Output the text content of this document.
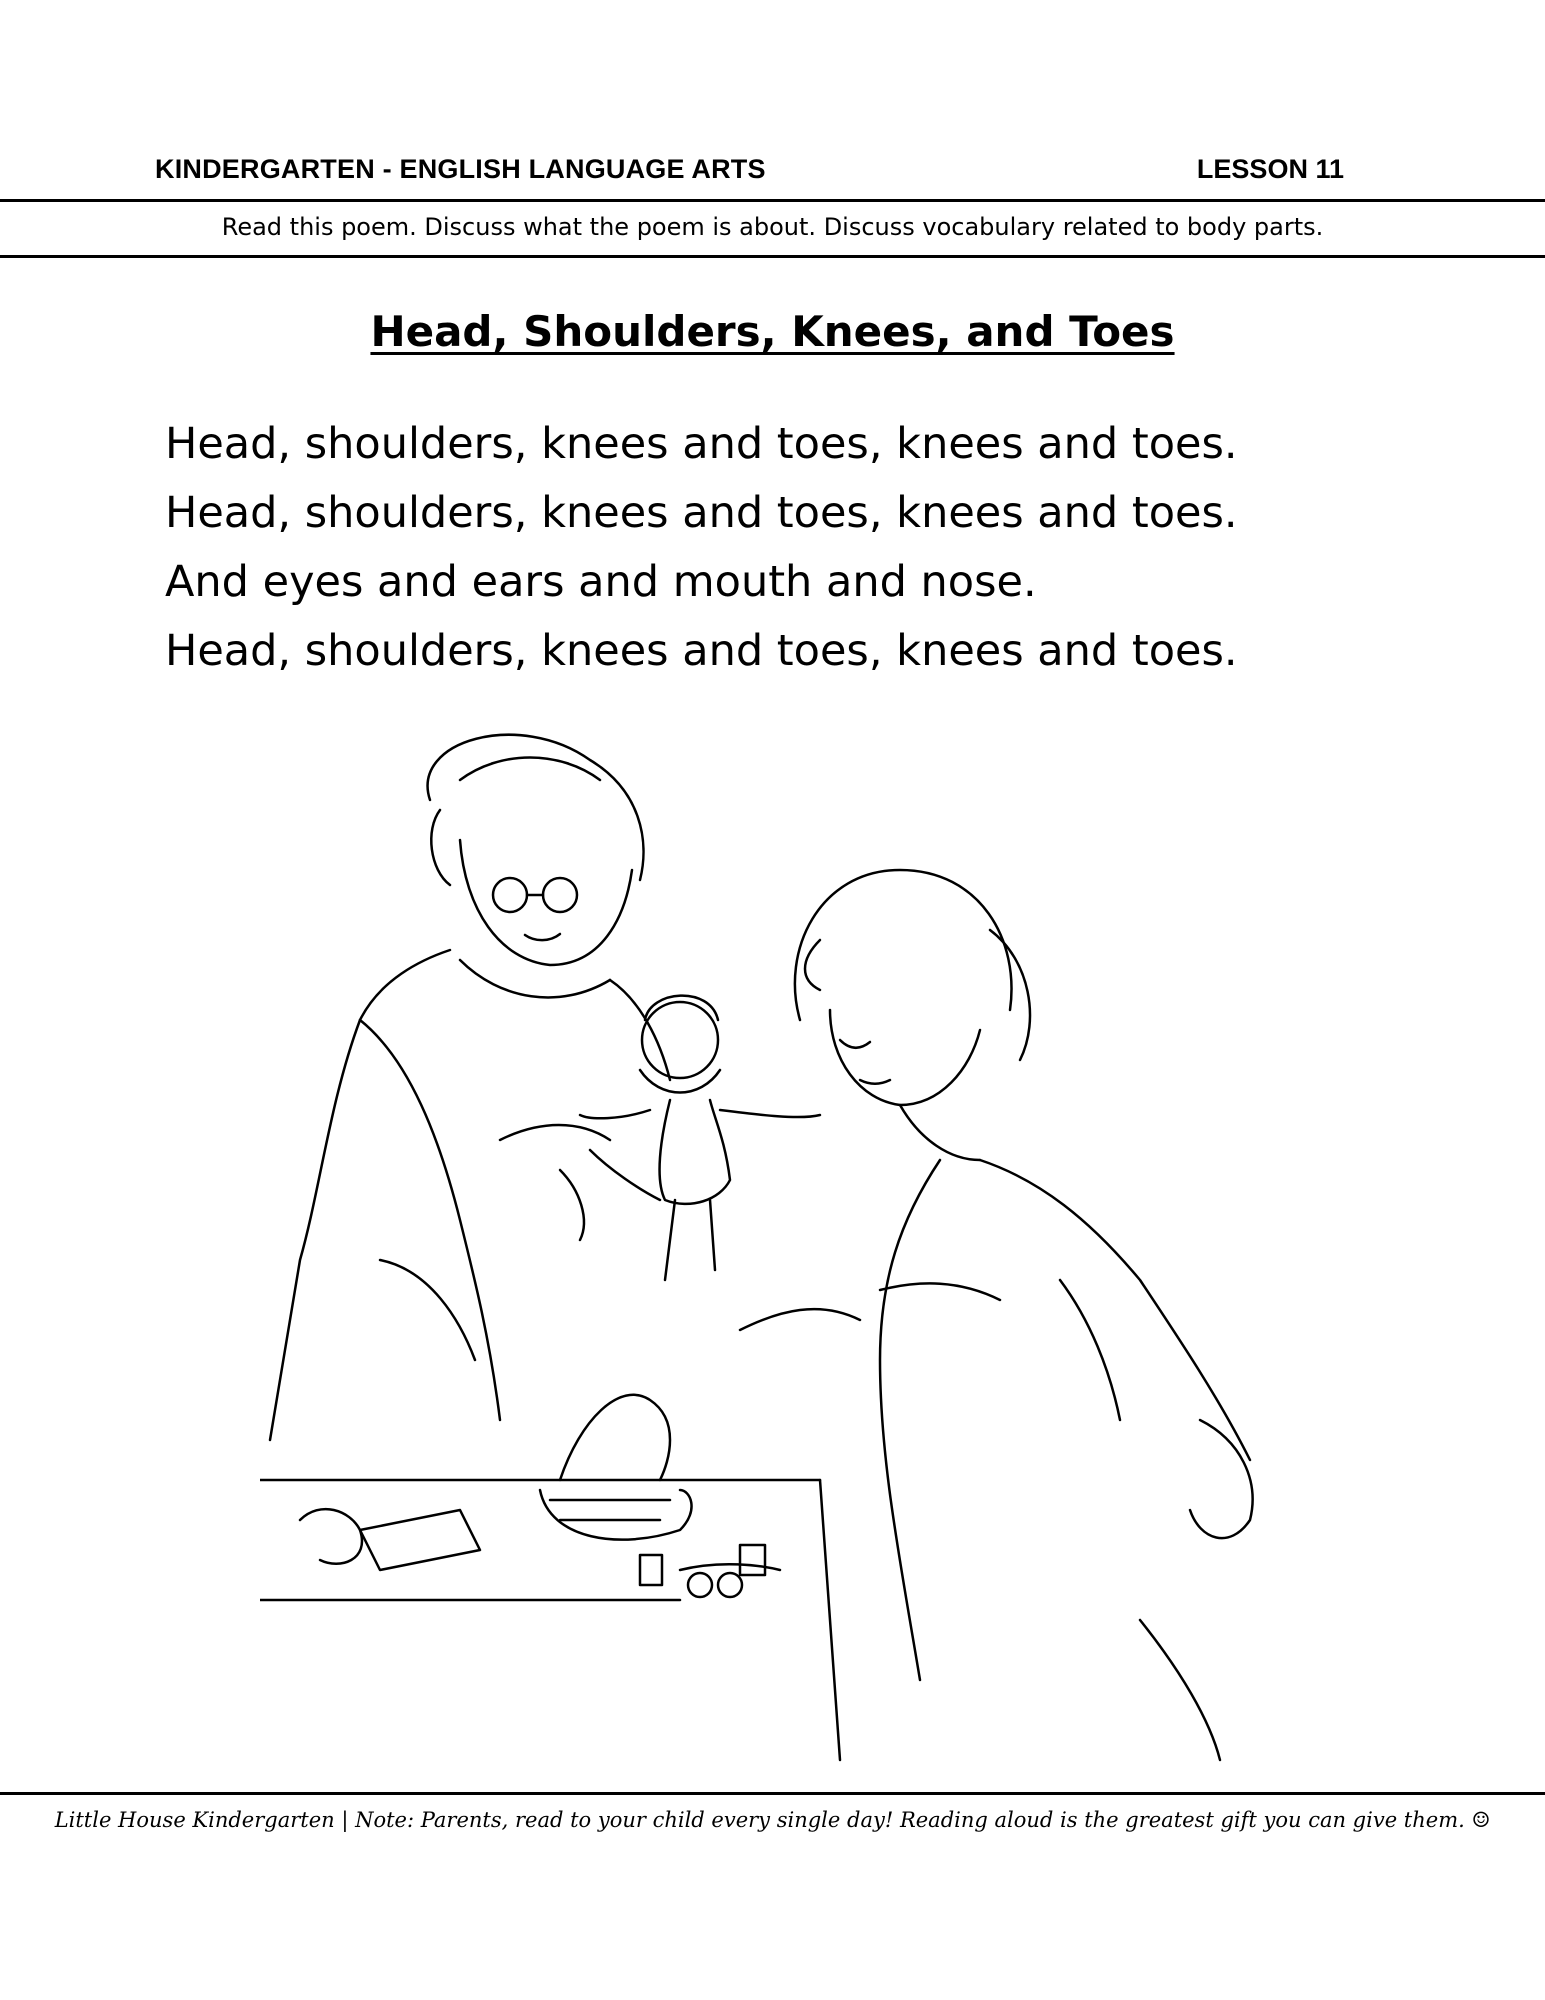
KINDERGARTEN - ENGLISH LANGUAGE ARTS	LESSON 11
Read this poem. Discuss what the poem is about. Discuss vocabulary related to body parts.
Head, Shoulders, Knees, and Toes
Head, shoulders, knees and toes, knees and toes.
Head, shoulders, knees and toes, knees and toes.
And eyes and ears and mouth and nose.
Head, shoulders, knees and toes, knees and toes.
Little House Kindergarten | Note: Parents, read to your child every single day! Reading aloud is the greatest gift you can give them. ☺
